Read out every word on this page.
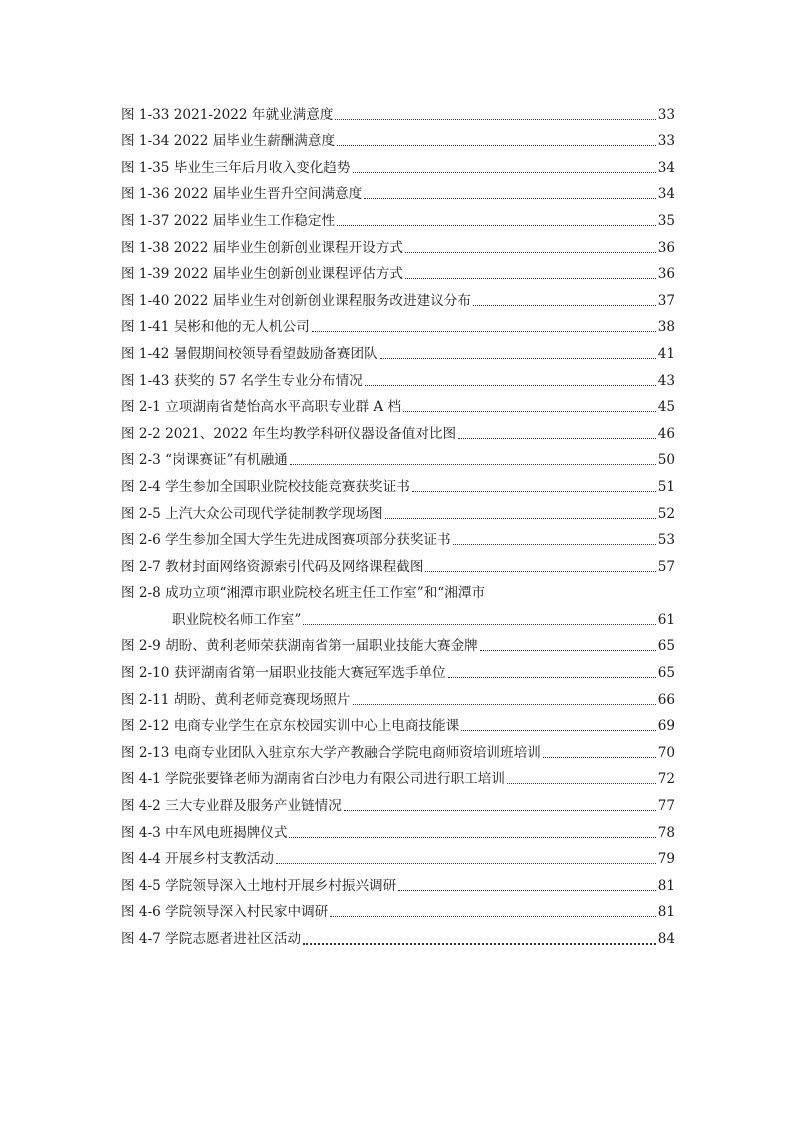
图 1-33 2021-2022 年就业满意度	33
图 1-34 2022 届毕业生薪酬满意度	33
图 1-35 毕业生三年后月收入变化趋势	34
图 1-36 2022 届毕业生晋升空间满意度	34
图 1-37 2022 届毕业生工作稳定性	35
图 1-38 2022 届毕业生创新创业课程开设方式	36
图 1-39 2022 届毕业生创新创业课程评估方式	36
图 1-40 2022 届毕业生对创新创业课程服务改进建议分布	37
图 1-41 吴彬和他的无人机公司	38
图 1-42 暑假期间校领导看望鼓励备赛团队	41
图 1-43 获奖的 57 名学生专业分布情况	43
图 2-1 立项湖南省楚怡高水平高职专业群 A 档	45
图 2-2 2021、2022 年生均教学科研仪器设备值对比图	46
图 2-3 “岗课赛证”有机融通	50
图 2-4 学生参加全国职业院校技能竞赛获奖证书	51
图 2-5 上汽大众公司现代学徒制教学现场图	52
图 2-6 学生参加全国大学生先进成图赛项部分获奖证书	53
图 2-7 教材封面网络资源索引代码及网络课程截图	57
图 2-8 成功立项“湘潭市职业院校名班主任工作室”和“湘潭市
职业院校名师工作室”	61
图 2-9 胡盼、黄利老师荣获湖南省第一届职业技能大赛金牌	65
图 2-10 获评湖南省第一届职业技能大赛冠军选手单位	65
图 2-11 胡盼、黄利老师竞赛现场照片	66
图 2-12 电商专业学生在京东校园实训中心上电商技能课	69
图 2-13 电商专业团队入驻京东大学产教融合学院电商师资培训班培训	70
图 4-1 学院张要锋老师为湖南省白沙电力有限公司进行职工培训	72
图 4-2 三大专业群及服务产业链情况	77
图 4-3 中车风电班揭牌仪式	78
图 4-4 开展乡村支教活动	79
图 4-5 学院领导深入土地村开展乡村振兴调研	81
图 4-6 学院领导深入村民家中调研	81
图 4-7 学院志愿者进社区活动	84
